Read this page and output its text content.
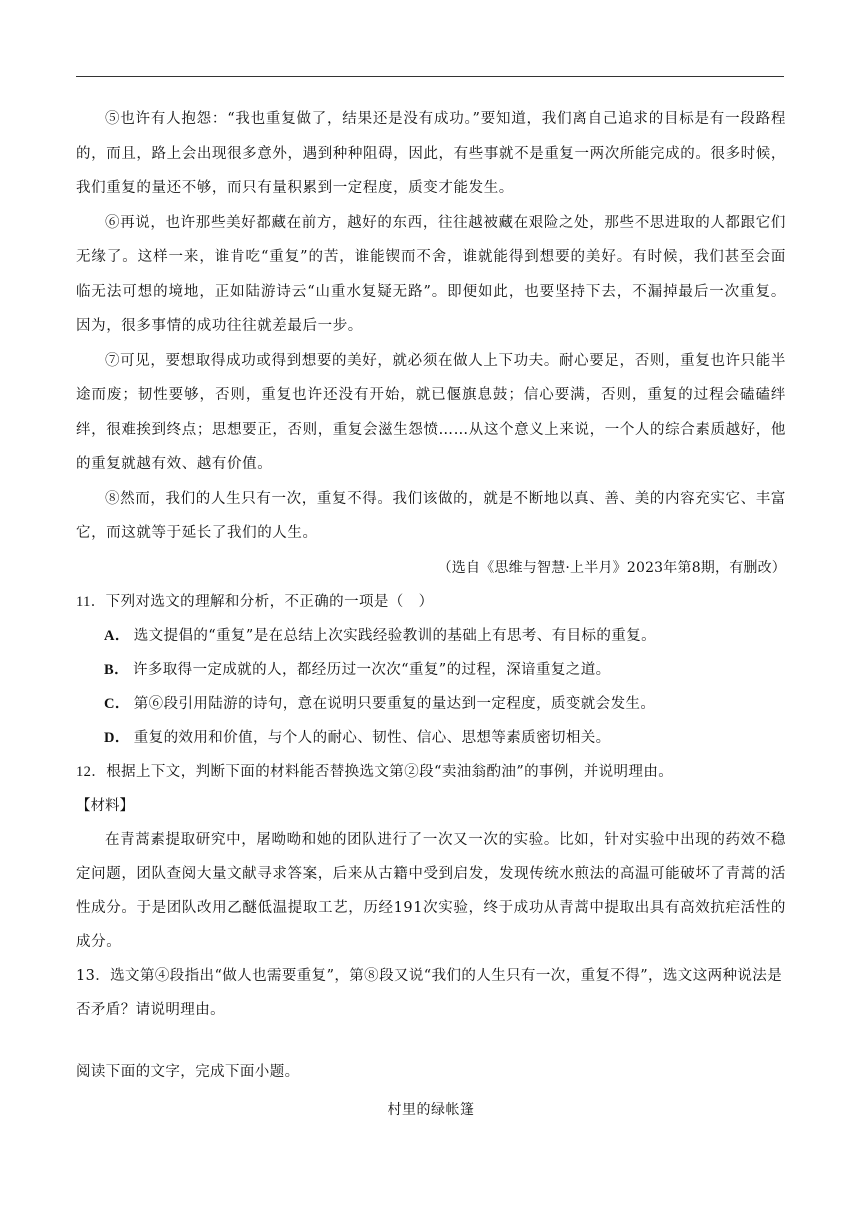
⑤也许有人抱怨：“我也重复做了，结果还是没有成功。”要知道，我们离自己追求的目标是有一段路程的，而且，路上会出现很多意外，遇到种种阻碍，因此，有些事就不是重复一两次所能完成的。很多时候，我们重复的量还不够，而只有量积累到一定程度，质变才能发生。

⑥再说，也许那些美好都藏在前方，越好的东西，往往越被藏在艰险之处，那些不思进取的人都跟它们无缘了。这样一来，谁肯吃“重复”的苦，谁能锲而不舍，谁就能得到想要的美好。有时候，我们甚至会面临无法可想的境地，正如陆游诗云“山重水复疑无路”。即便如此，也要坚持下去，不漏掉最后一次重复。因为，很多事情的成功往往就差最后一步。

⑦可见，要想取得成功或得到想要的美好，就必须在做人上下功夫。耐心要足，否则，重复也许只能半途而废；韧性要够，否则，重复也许还没有开始，就已偃旗息鼓；信心要满，否则，重复的过程会磕磕绊绊，很难挨到终点；思想要正，否则，重复会滋生怨愤……从这个意义上来说，一个人的综合素质越好，他的重复就越有效、越有价值。

⑧然而，我们的人生只有一次，重复不得。我们该做的，就是不断地以真、善、美的内容充实它、丰富它，而这就等于延长了我们的人生。

（选自《思维与智慧·上半月》2023年第8期，有删改）

11．下列对选文的理解和分析，不正确的一项是（　）

A． 选文提倡的“重复”是在总结上次实践经验教训的基础上有思考、有目标的重复。

B． 许多取得一定成就的人，都经历过一次次“重复”的过程，深谙重复之道。

C． 第⑥段引用陆游的诗句，意在说明只要重复的量达到一定程度，质变就会发生。

D． 重复的效用和价值，与个人的耐心、韧性、信心、思想等素质密切相关。

12．根据上下文，判断下面的材料能否替换选文第②段“卖油翁酌油”的事例，并说明理由。

【材料】

在青蒿素提取研究中，屠呦呦和她的团队进行了一次又一次的实验。比如，针对实验中出现的药效不稳定问题，团队查阅大量文献寻求答案，后来从古籍中受到启发，发现传统水煎法的高温可能破坏了青蒿的活性成分。于是团队改用乙醚低温提取工艺，历经191次实验，终于成功从青蒿中提取出具有高效抗疟活性的成分。

13．选文第④段指出“做人也需要重复”，第⑧段又说“我们的人生只有一次，重复不得”，选文这两种说法是否矛盾？请说明理由。

阅读下面的文字，完成下面小题。

村里的绿帐篷
